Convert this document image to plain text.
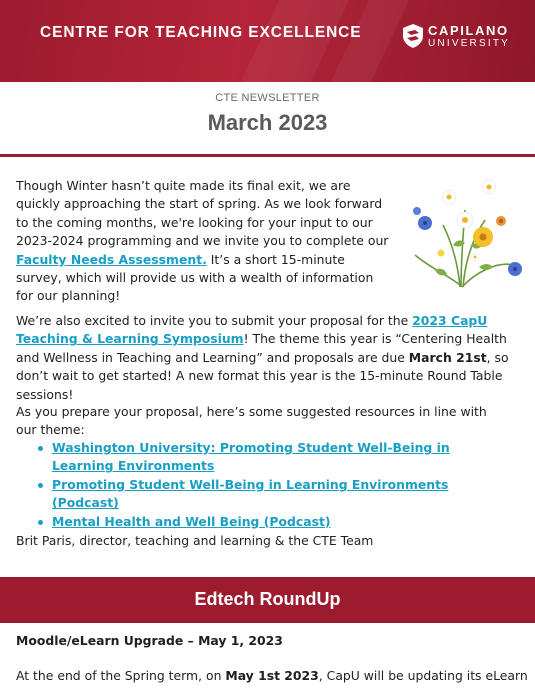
CENTRE FOR TEACHING EXCELLENCE	CAPILANO
UNIVERSITY
CTE NEWSLETTER
March 2023
Though Winter hasn’t quite made its final exit, we are quickly approaching the start of spring. As we look forward to the coming months, we're looking for your input to our 2023-2024 programming and we invite you to complete our Faculty Needs Assessment. It’s a short 15-minute survey, which will provide us with a wealth of information for our planning!
We’re also excited to invite you to submit your proposal for the 2023 CapU Teaching & Learning Symposium! The theme this year is “Centering Health and Wellness in Teaching and Learning” and proposals are due March 21st, so don’t wait to get started! A new format this year is the 15-minute Round Table sessions!
As you prepare your proposal, here’s some suggested resources in line with our theme:
Washington University: Promoting Student Well-Being in Learning Environments
Promoting Student Well-Being in Learning Environments (Podcast)
Mental Health and Well Being (Podcast)
Brit Paris, director, teaching and learning & the CTE Team
Edtech RoundUp
Moodle/eLearn Upgrade – May 1, 2023
At the end of the Spring term, on May 1st 2023, CapU will be updating its eLearn
